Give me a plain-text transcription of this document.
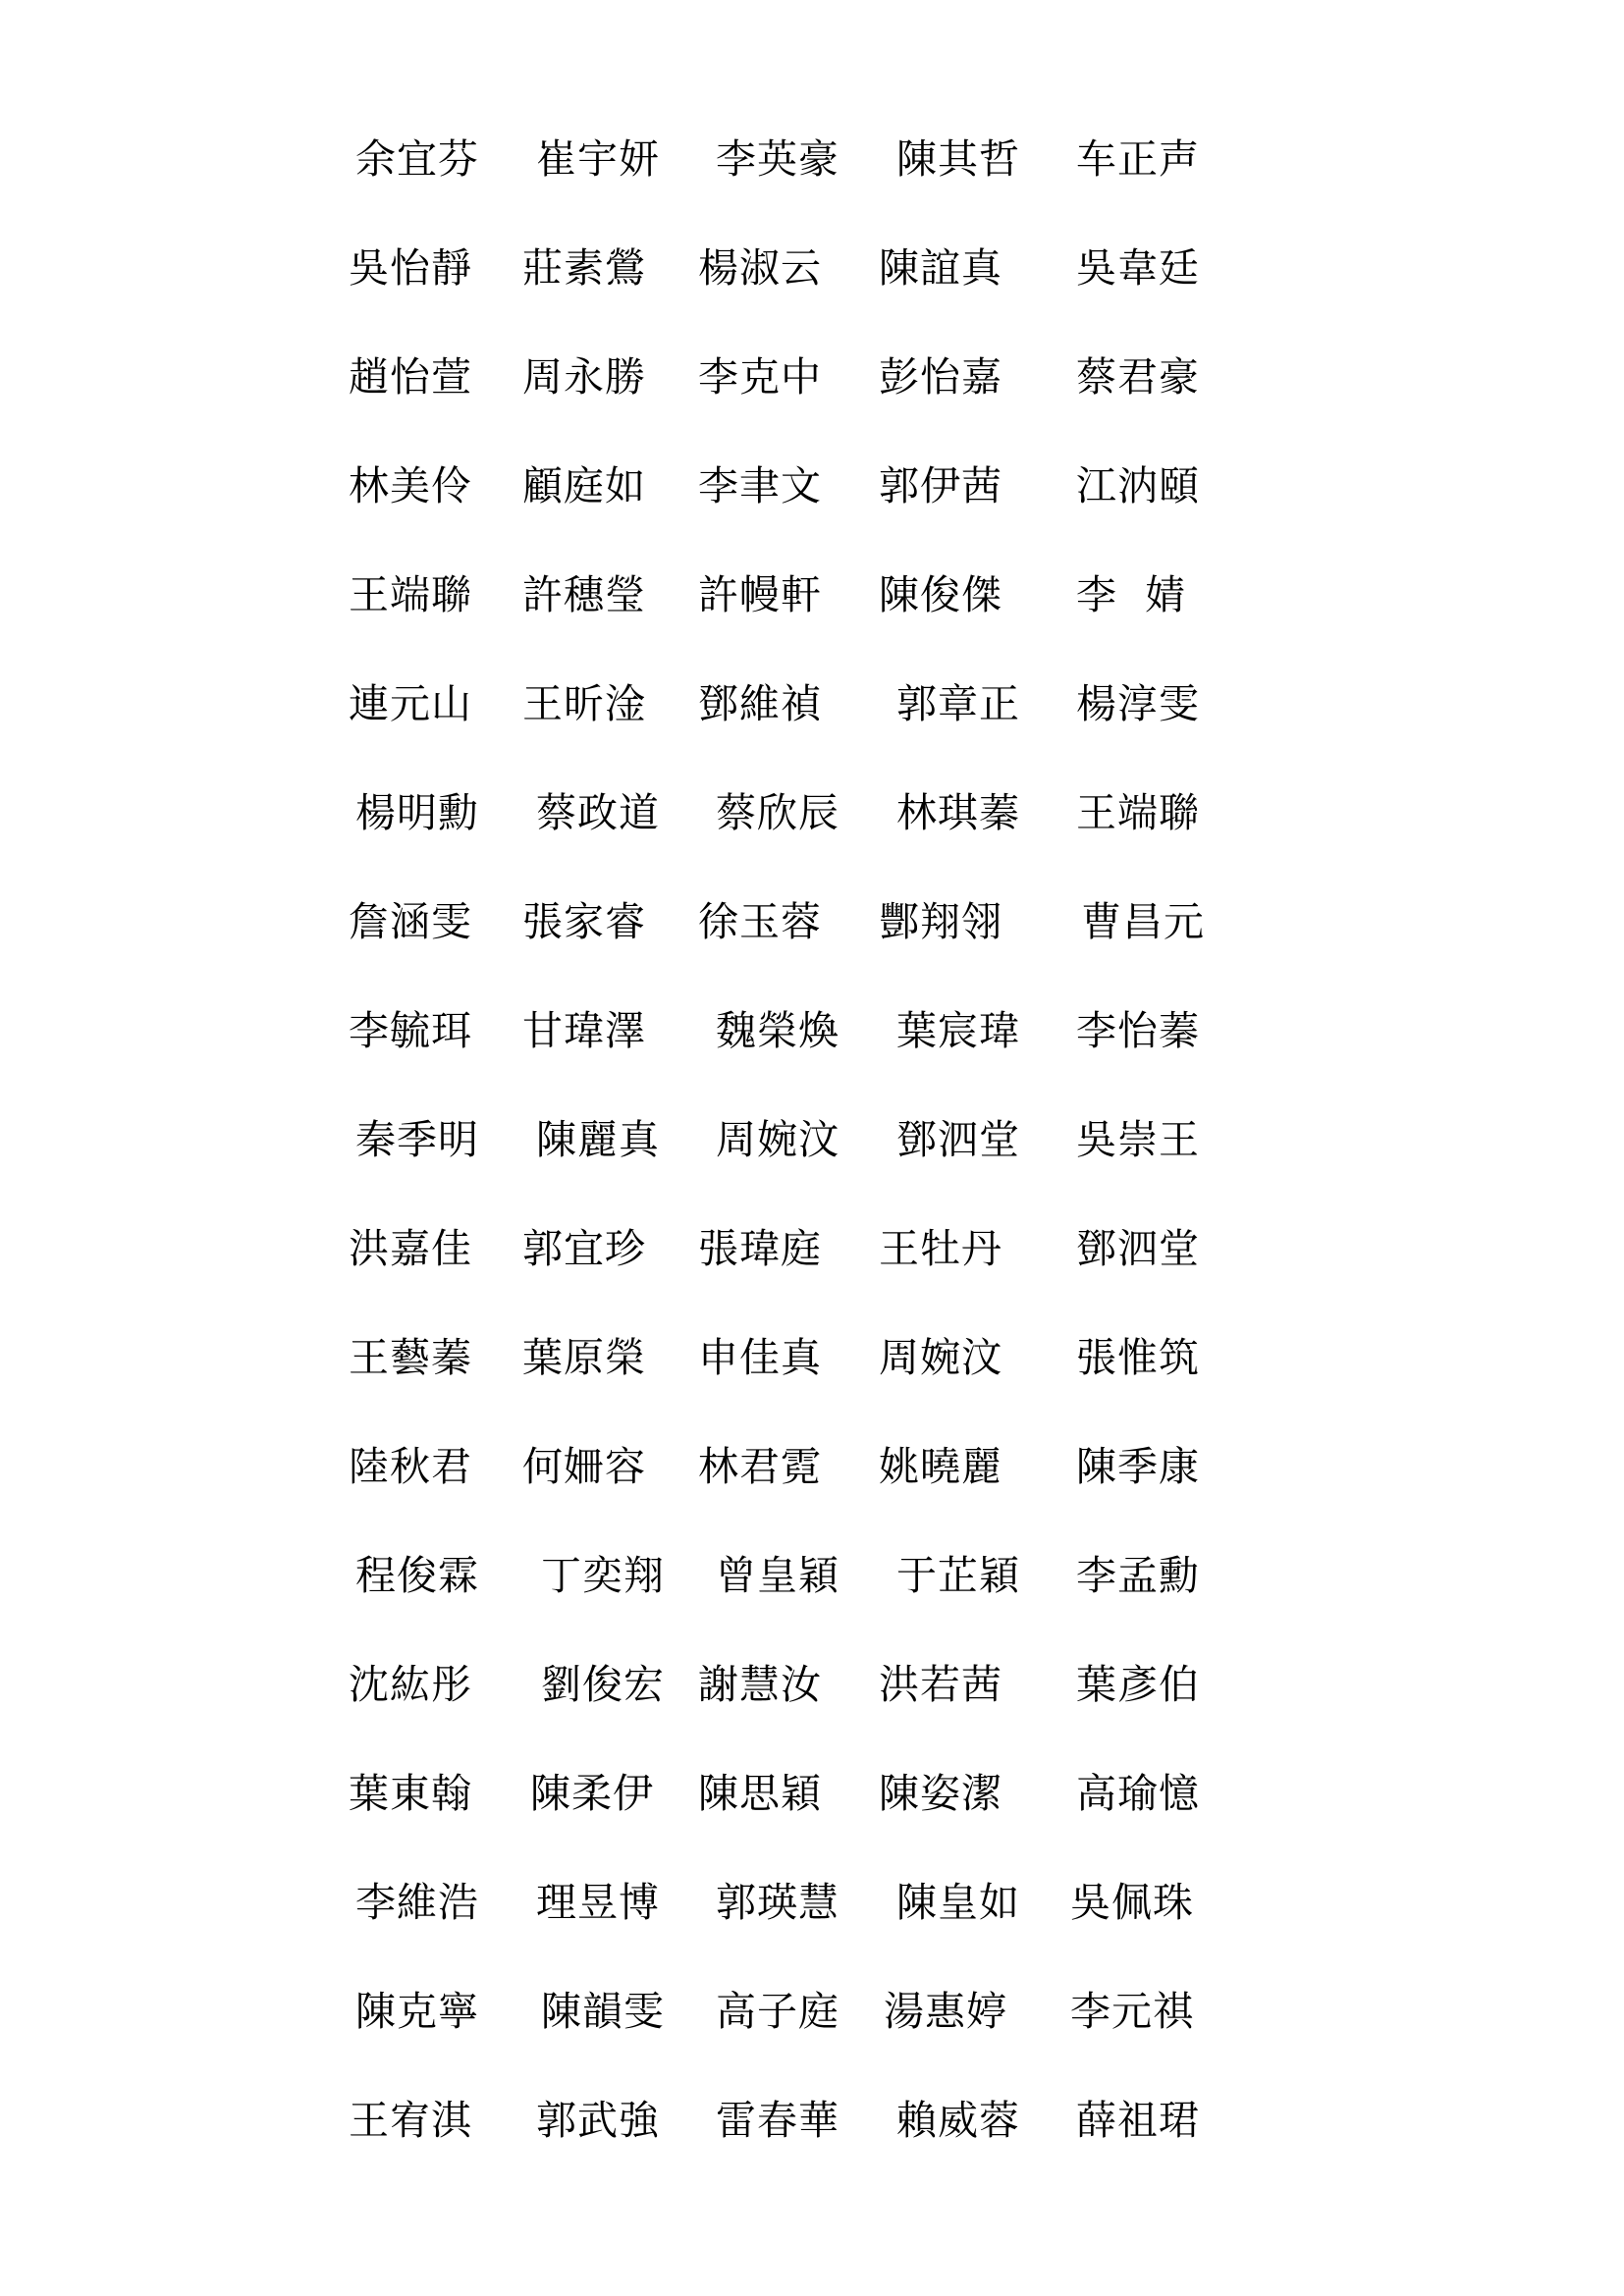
余宜芬 崔宇妍 李英豪 陳其哲 车正声
吳怡靜 莊素鶯 楊淑云 陳誼真 吳韋廷
趙怡萱 周永勝 李克中 彭怡嘉 蔡君豪
林美伶 顧庭如 李聿文 郭伊茜 江汭頤
王端聯 許穗瑩 許幔軒 陳俊傑 李  婧
連元山 王昕淦 鄧維禎 郭章正 楊淳雯
楊明勳 蔡政道 蔡欣辰 林琪蓁 王端聯
詹涵雯 張家睿 徐玉蓉 酆翔翎 曹昌元
李毓珥 甘瑋澤 魏榮煥 葉宸瑋 李怡蓁
秦季明 陳麗真 周婉汶 鄧泗堂 吳崇王
洪嘉佳 郭宜珍 張瑋庭 王牡丹 鄧泗堂
王藝蓁 葉原榮 申佳真 周婉汶 張惟筑
陸秋君 何姍容 林君霓 姚曉麗 陳季康
程俊霖 丁奕翔 曾皇穎 于芷穎 李孟勳
沈紘彤 劉俊宏 謝慧汝 洪若茜 葉彥伯
葉東翰 陳柔伊 陳思穎 陳姿潔 高瑜憶
李維浩 理昱博 郭瑛慧 陳皇如 吳佩珠
陳克寧 陳韻雯 高子庭 湯惠婷 李元祺
王宥淇 郭武強 雷春華 賴威蓉 薛祖珺
